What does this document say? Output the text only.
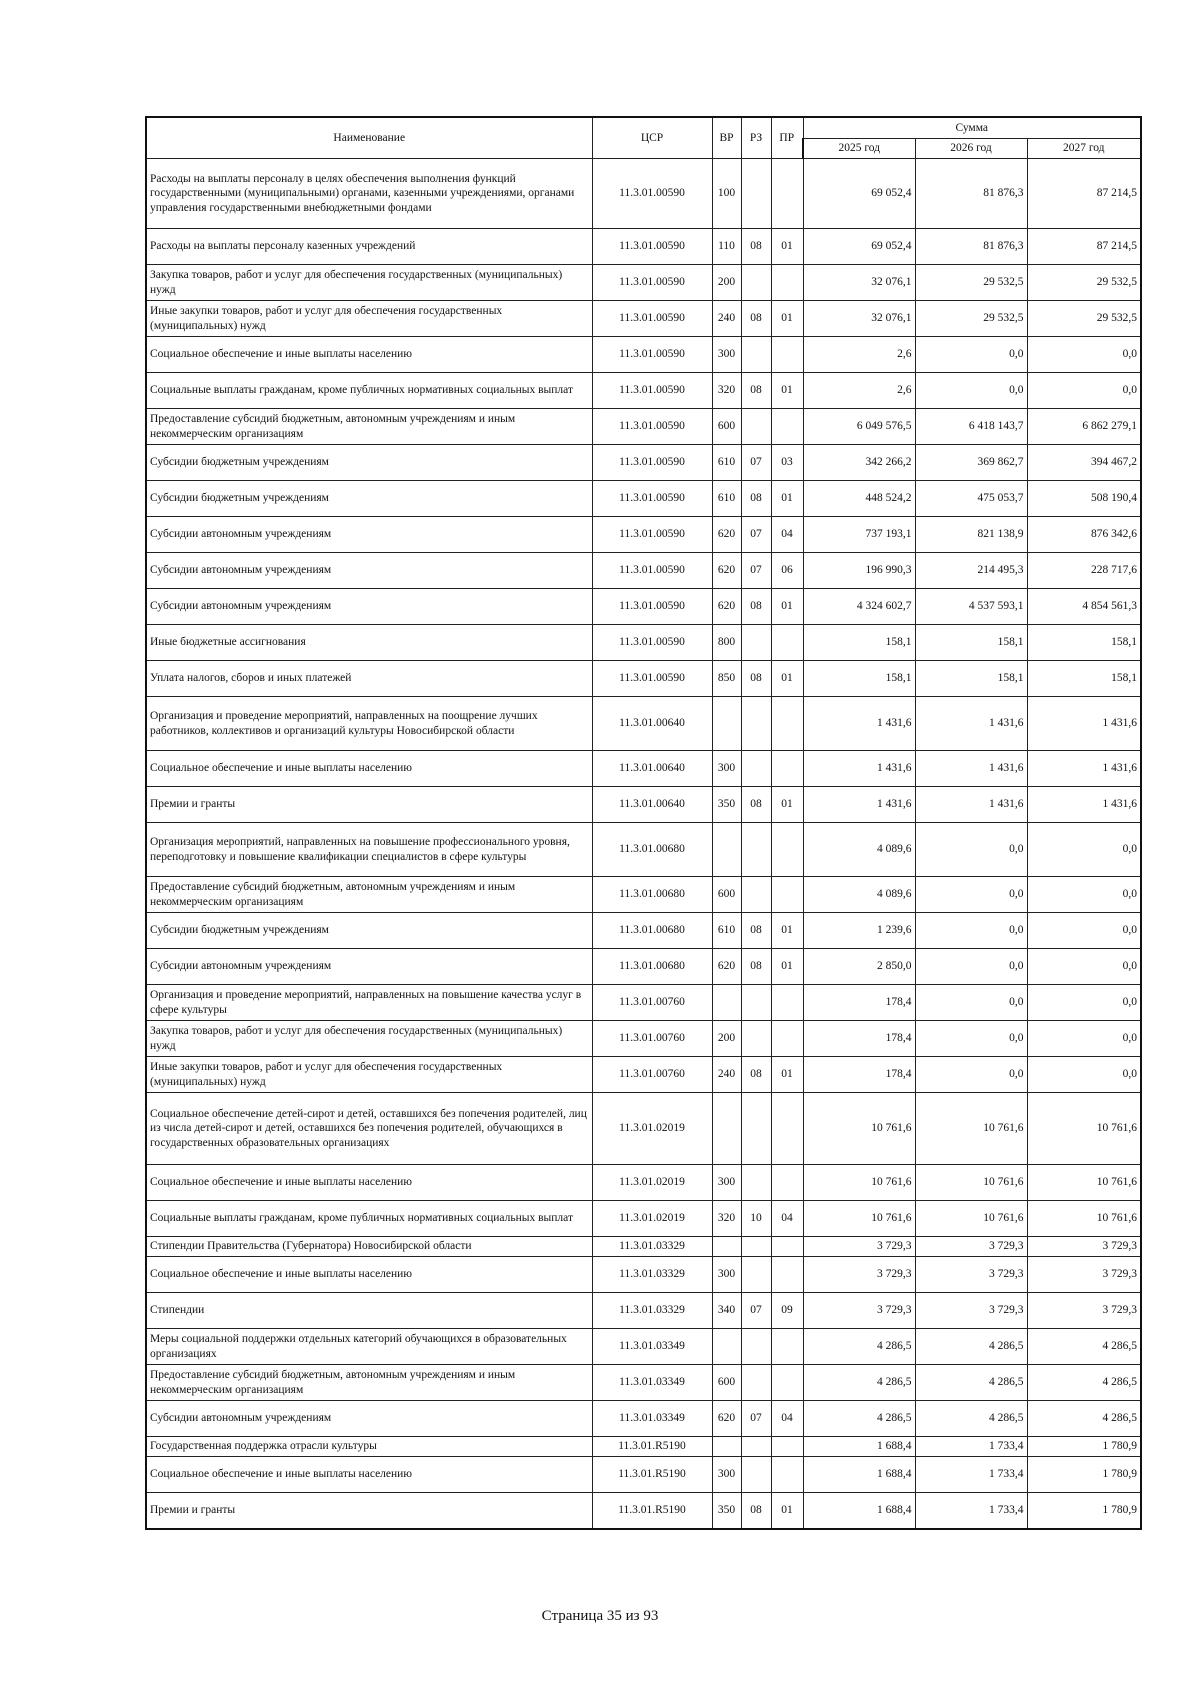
Наименование	ЦСР	ВР	РЗ	ПР	Сумма		
					2025 год	2026 год	2027 год
Расходы на выплаты персоналу в целях обеспечения выполнения функций государственными (муниципальными) органами, казенными учреждениями, органами управления государственными внебюджетными фондами	11.3.01.00590	100			69 052,4	81 876,3	87 214,5
Расходы на выплаты персоналу казенных учреждений	11.3.01.00590	110	08	01	69 052,4	81 876,3	87 214,5
Закупка товаров, работ и услуг для обеспечения государственных (муниципальных) нужд	11.3.01.00590	200			32 076,1	29 532,5	29 532,5
Иные закупки товаров, работ и услуг для обеспечения государственных (муниципальных) нужд	11.3.01.00590	240	08	01	32 076,1	29 532,5	29 532,5
Социальное обеспечение и иные выплаты населению	11.3.01.00590	300			2,6	0,0	0,0
Социальные выплаты гражданам, кроме публичных нормативных социальных выплат	11.3.01.00590	320	08	01	2,6	0,0	0,0
Предоставление субсидий бюджетным, автономным учреждениям и иным некоммерческим организациям	11.3.01.00590	600			6 049 576,5	6 418 143,7	6 862 279,1
Субсидии бюджетным учреждениям	11.3.01.00590	610	07	03	342 266,2	369 862,7	394 467,2
Субсидии бюджетным учреждениям	11.3.01.00590	610	08	01	448 524,2	475 053,7	508 190,4
Субсидии автономным учреждениям	11.3.01.00590	620	07	04	737 193,1	821 138,9	876 342,6
Субсидии автономным учреждениям	11.3.01.00590	620	07	06	196 990,3	214 495,3	228 717,6
Субсидии автономным учреждениям	11.3.01.00590	620	08	01	4 324 602,7	4 537 593,1	4 854 561,3
Иные бюджетные ассигнования	11.3.01.00590	800			158,1	158,1	158,1
Уплата налогов, сборов и иных платежей	11.3.01.00590	850	08	01	158,1	158,1	158,1
Организация и проведение мероприятий, направленных на поощрение лучших работников, коллективов и организаций культуры Новосибирской области	11.3.01.00640				1 431,6	1 431,6	1 431,6
Социальное обеспечение и иные выплаты населению	11.3.01.00640	300			1 431,6	1 431,6	1 431,6
Премии и гранты	11.3.01.00640	350	08	01	1 431,6	1 431,6	1 431,6
Организация мероприятий, направленных на повышение профессионального уровня, переподготовку и повышение квалификации специалистов в сфере культуры	11.3.01.00680				4 089,6	0,0	0,0
Предоставление субсидий бюджетным, автономным учреждениям и иным некоммерческим организациям	11.3.01.00680	600			4 089,6	0,0	0,0
Субсидии бюджетным учреждениям	11.3.01.00680	610	08	01	1 239,6	0,0	0,0
Субсидии автономным учреждениям	11.3.01.00680	620	08	01	2 850,0	0,0	0,0
Организация и проведение мероприятий, направленных на повышение качества услуг в сфере культуры	11.3.01.00760				178,4	0,0	0,0
Закупка товаров, работ и услуг для обеспечения государственных (муниципальных) нужд	11.3.01.00760	200			178,4	0,0	0,0
Иные закупки товаров, работ и услуг для обеспечения государственных (муниципальных) нужд	11.3.01.00760	240	08	01	178,4	0,0	0,0
Социальное обеспечение детей-сирот и детей, оставшихся без попечения родителей, лиц из числа детей-сирот и детей, оставшихся без попечения родителей, обучающихся в государственных образовательных организациях	11.3.01.02019				10 761,6	10 761,6	10 761,6
Социальное обеспечение и иные выплаты населению	11.3.01.02019	300			10 761,6	10 761,6	10 761,6
Социальные выплаты гражданам, кроме публичных нормативных социальных выплат	11.3.01.02019	320	10	04	10 761,6	10 761,6	10 761,6
Стипендии Правительства (Губернатора) Новосибирской области	11.3.01.03329				3 729,3	3 729,3	3 729,3
Социальное обеспечение и иные выплаты населению	11.3.01.03329	300			3 729,3	3 729,3	3 729,3
Стипендии	11.3.01.03329	340	07	09	3 729,3	3 729,3	3 729,3
Меры социальной поддержки отдельных категорий обучающихся в образовательных организациях	11.3.01.03349				4 286,5	4 286,5	4 286,5
Предоставление субсидий бюджетным, автономным учреждениям и иным некоммерческим организациям	11.3.01.03349	600			4 286,5	4 286,5	4 286,5
Субсидии автономным учреждениям	11.3.01.03349	620	07	04	4 286,5	4 286,5	4 286,5
Государственная поддержка отрасли культуры	11.3.01.R5190				1 688,4	1 733,4	1 780,9
Социальное обеспечение и иные выплаты населению	11.3.01.R5190	300			1 688,4	1 733,4	1 780,9
Премии и гранты	11.3.01.R5190	350	08	01	1 688,4	1 733,4	1 780,9
Страница 35 из 93
